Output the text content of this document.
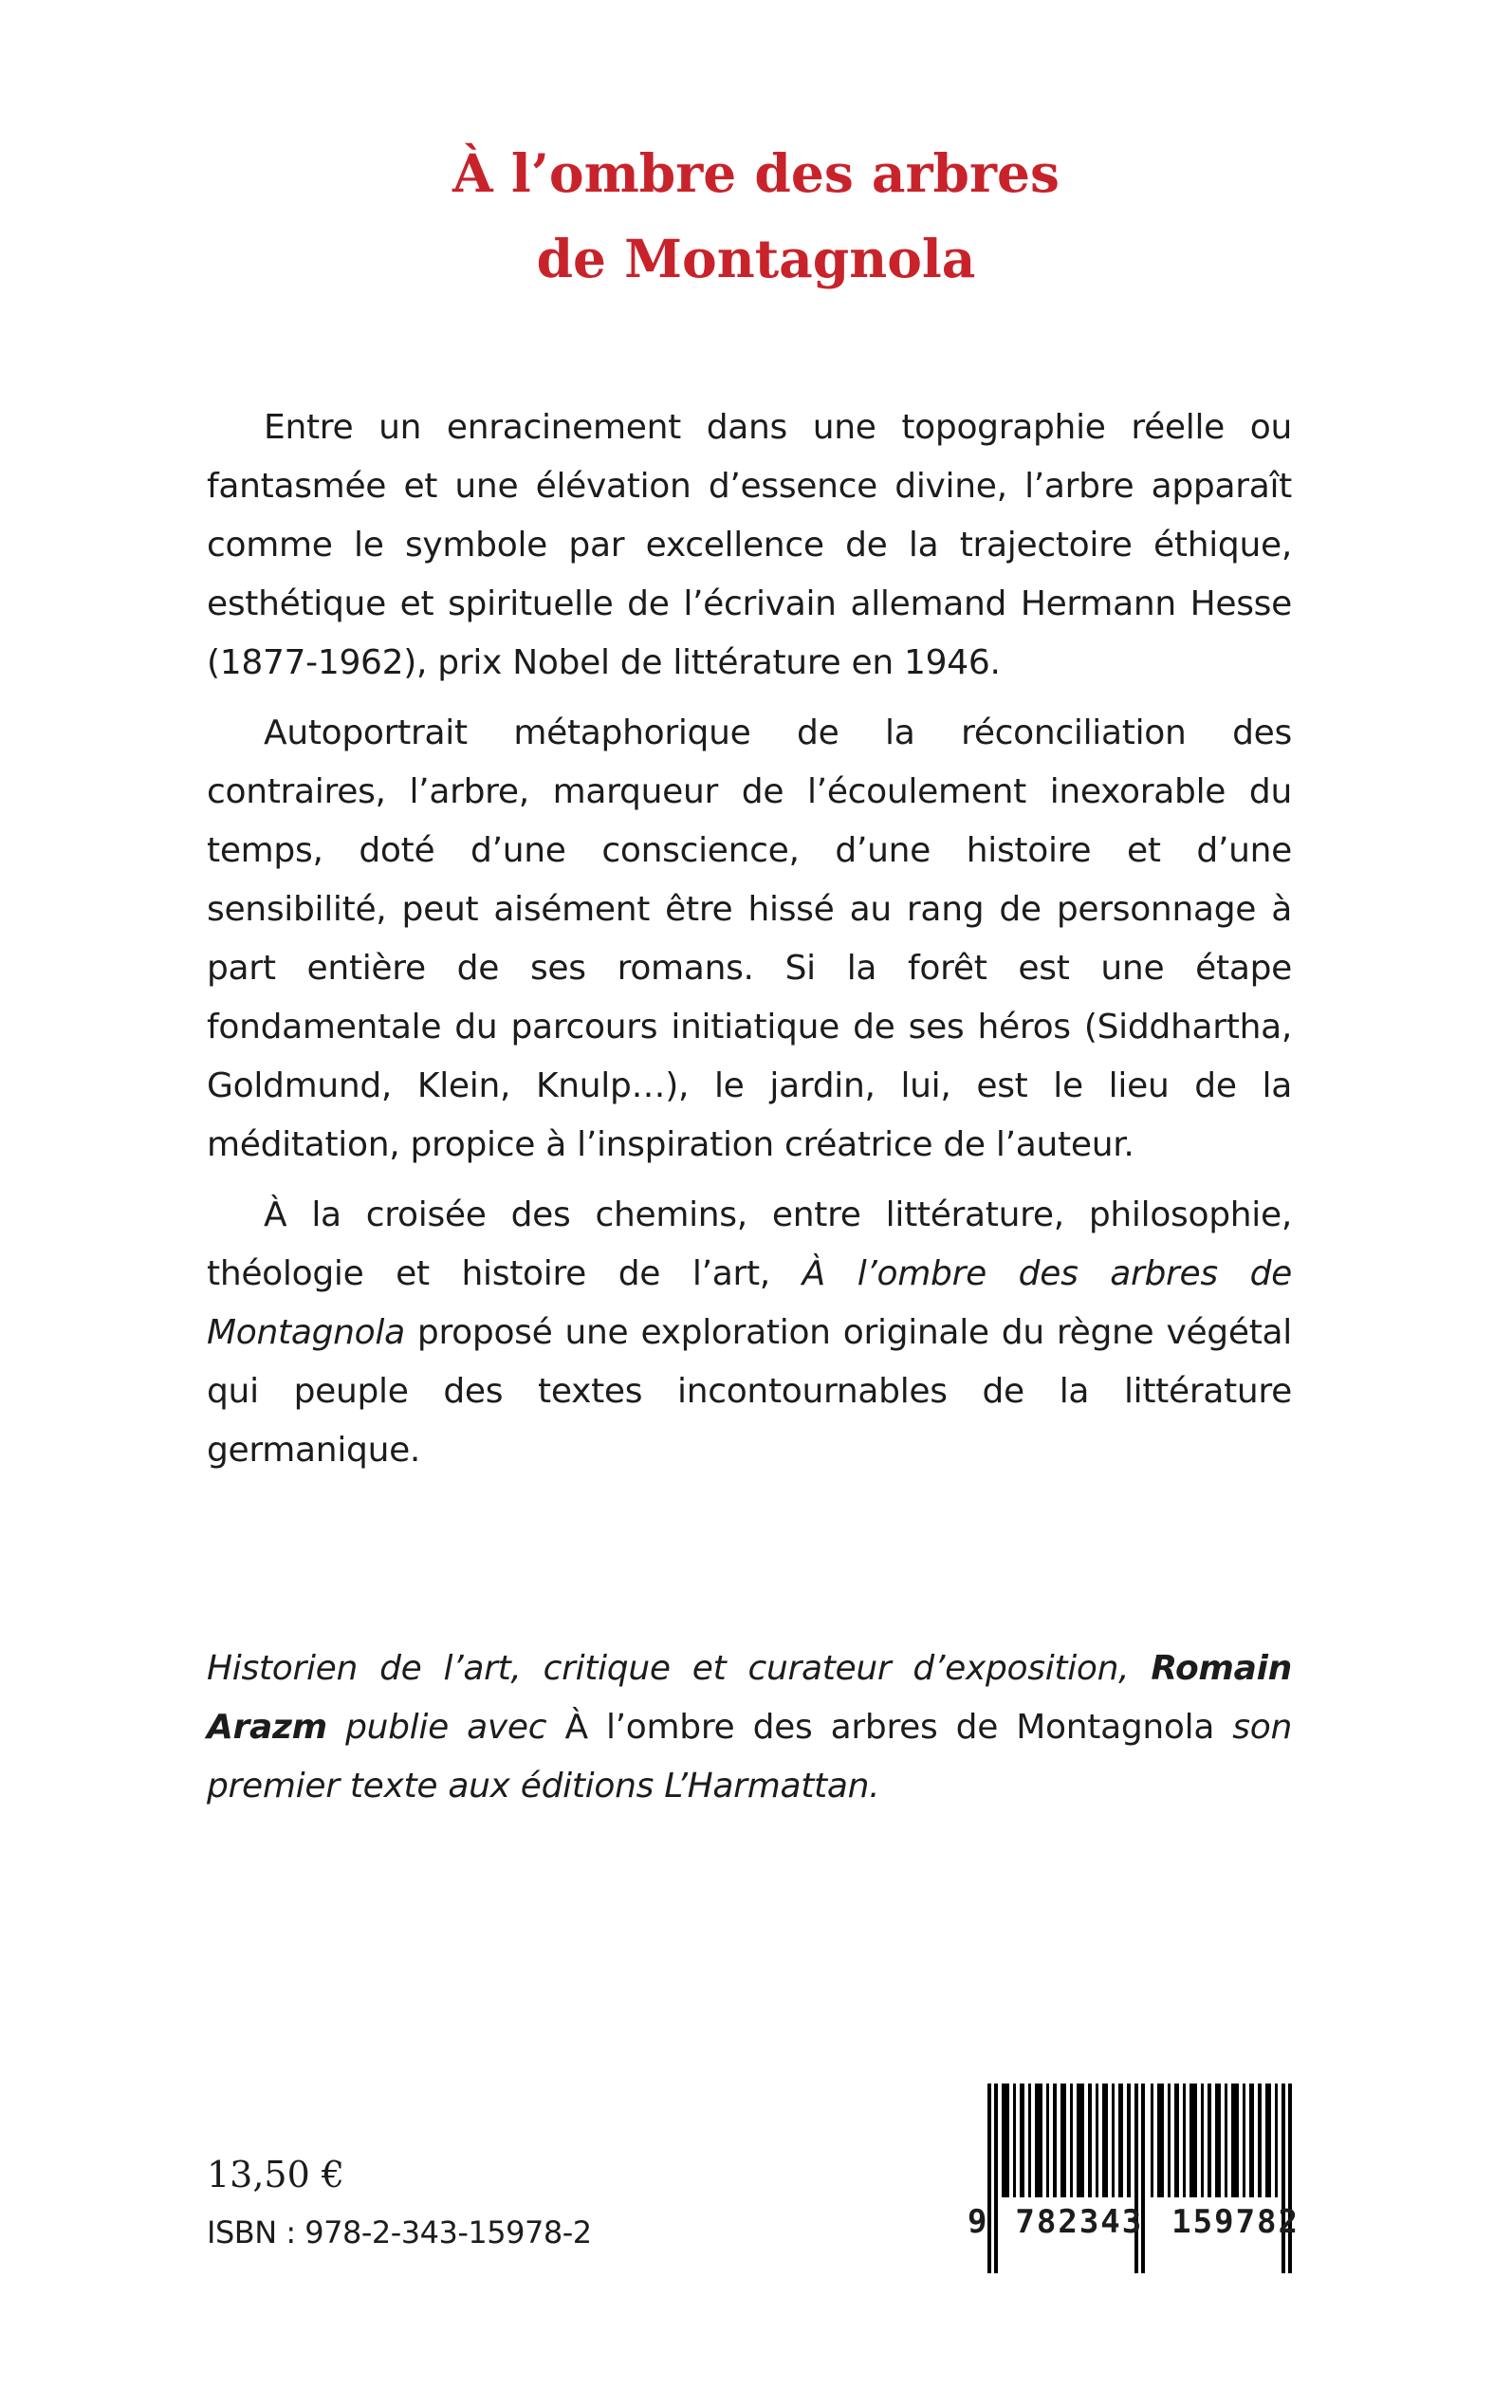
À l’ombre des arbres
de Montagnola

Entre un enracinement dans une topographie réelle ou fantasmée et une élévation d’essence divine, l’arbre apparaît comme le symbole par excellence de la trajectoire éthique, esthétique et spirituelle de l’écrivain allemand Hermann Hesse (1877-1962), prix Nobel de littérature en 1946.

Autoportrait métaphorique de la réconciliation des contraires, l’arbre, marqueur de l’écoulement inexorable du temps, doté d’une conscience, d’une histoire et d’une sensibilité, peut aisément être hissé au rang de personnage à part entière de ses romans. Si la forêt est une étape fondamentale du parcours initiatique de ses héros (Siddhartha, Goldmund, Klein, Knulp…), le jardin, lui, est le lieu de la méditation, propice à l’inspiration créatrice de l’auteur.

À la croisée des chemins, entre littérature, philosophie, théologie et histoire de l’art, À l’ombre des arbres de Montagnola proposé une exploration originale du règne végétal qui peuple des textes incontournables de la littérature germanique.

Historien de l’art, critique et curateur d’exposition, Romain Arazm publie avec À l’ombre des arbres de Montagnola son premier texte aux éditions L’Harmattan.
13,50 €
ISBN : 978-2-343-15978-2	9 782343 159782
